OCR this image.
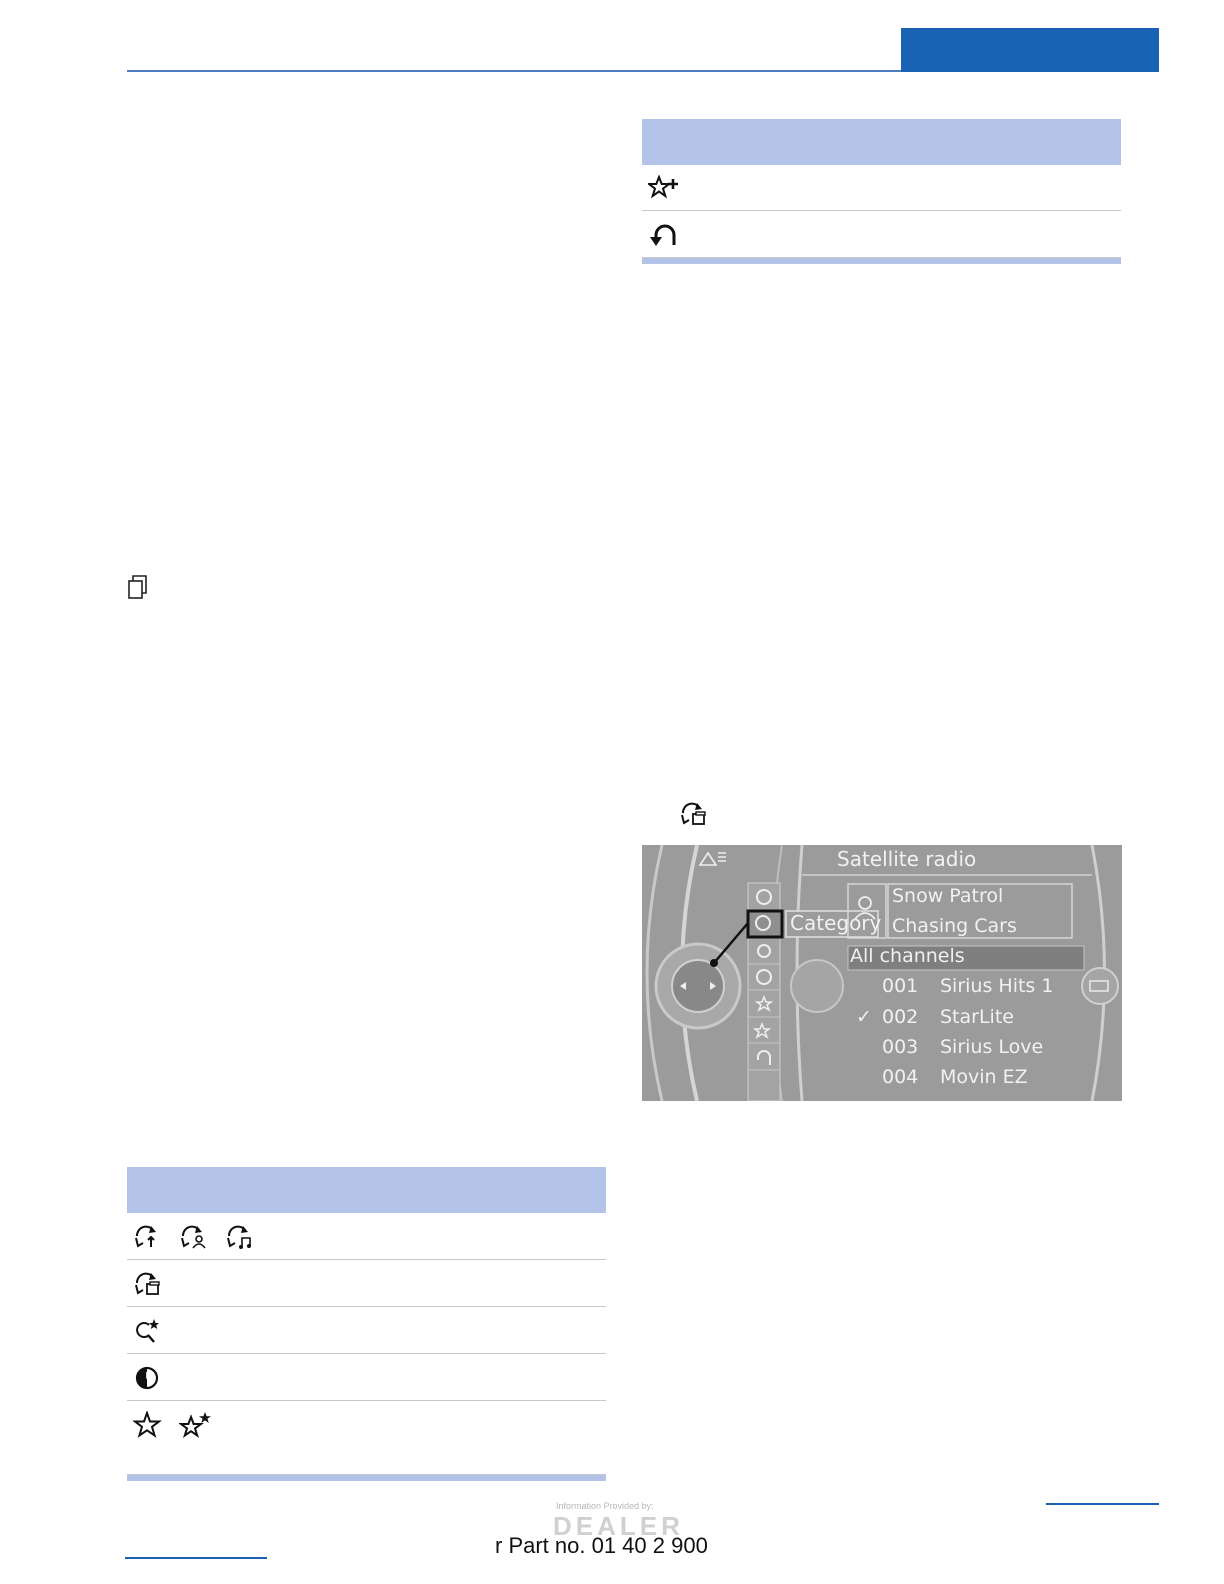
Satellite radio
Category
Snow Patrol
Chasing Cars
All channels
001 Sirius Hits 1
✓ 002 StarLite
003 Sirius Love
004 Movin EZ
Information Provided by:
DEALER
r Part no. 01 40 2 900
